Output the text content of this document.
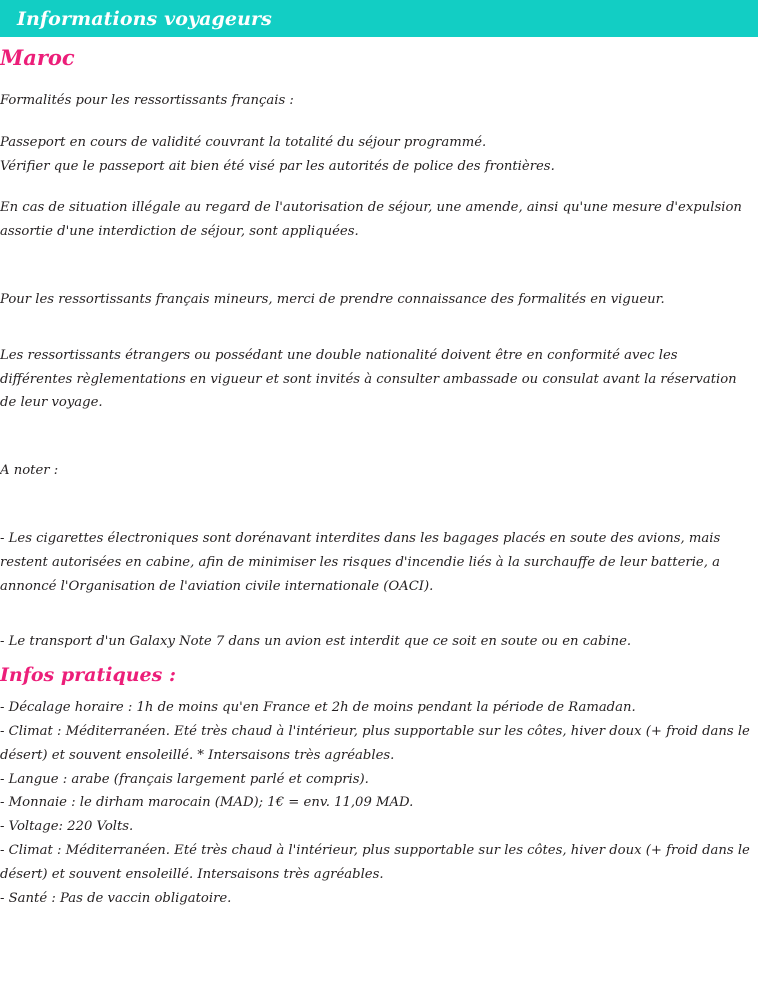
Informations voyageurs
Maroc

Formalités pour les ressortissants français :

Passeport en cours de validité couvrant la totalité du séjour programmé.

Vérifier que le passeport ait bien été visé par les autorités de police des frontières.

En cas de situation illégale au regard de l'autorisation de séjour, une amende, ainsi qu'une mesure d'expulsion assortie d'une interdiction de séjour, sont appliquées.

Pour les ressortissants français mineurs, merci de prendre connaissance des formalités en vigueur.

Les ressortissants étrangers ou possédant une double nationalité doivent être en conformité avec les différentes règlementations en vigueur et sont invités à consulter ambassade ou consulat avant la réservation de leur voyage.

A noter :

- Les cigarettes électroniques sont dorénavant interdites dans les bagages placés en soute des avions, mais restent autorisées en cabine, afin de minimiser les risques d'incendie liés à la surchauffe de leur batterie, a annoncé l'Organisation de l'aviation civile internationale (OACI).

- Le transport d'un Galaxy Note 7 dans un avion est interdit que ce soit en soute ou en cabine.

Infos pratiques :

- Décalage horaire : 1h de moins qu'en France et 2h de moins pendant la période de Ramadan.

- Climat : Méditerranéen. Eté très chaud à l'intérieur, plus supportable sur les côtes, hiver doux (+ froid dans le désert) et souvent ensoleillé. * Intersaisons très agréables.

- Langue : arabe (français largement parlé et compris).

- Monnaie : le dirham marocain (MAD); 1€ = env. 11,09 MAD.

- Voltage: 220 Volts.

- Climat : Méditerranéen. Eté très chaud à l'intérieur, plus supportable sur les côtes, hiver doux (+ froid dans le désert) et souvent ensoleillé. Intersaisons très agréables.

- Santé : Pas de vaccin obligatoire.
